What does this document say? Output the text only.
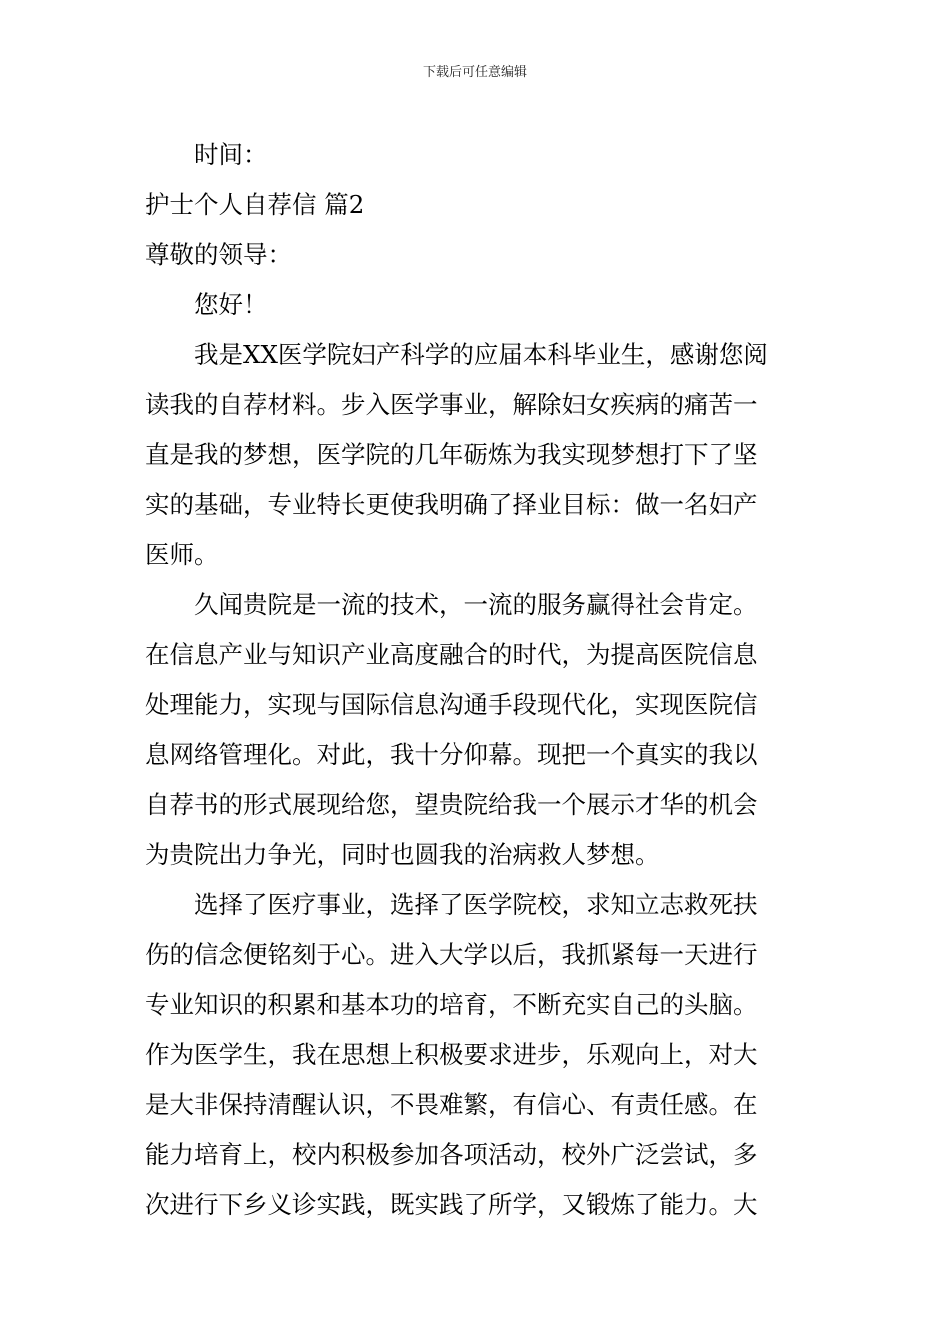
下载后可任意编辑
时间：
护士个人自荐信 篇2
尊敬的领导：
您好！
我是XX医学院妇产科学的应届本科毕业生，感谢您阅
读我的自荐材料。步入医学事业，解除妇女疾病的痛苦一
直是我的梦想，医学院的几年砺炼为我实现梦想打下了坚
实的基础，专业特长更使我明确了择业目标：做一名妇产
医师。
久闻贵院是一流的技术，一流的服务赢得社会肯定。
在信息产业与知识产业高度融合的时代，为提高医院信息
处理能力，实现与国际信息沟通手段现代化，实现医院信
息网络管理化。对此，我十分仰幕。现把一个真实的我以
自荐书的形式展现给您，望贵院给我一个展示才华的机会
为贵院出力争光，同时也圆我的治病救人梦想。
选择了医疗事业，选择了医学院校，求知立志救死扶
伤的信念便铭刻于心。进入大学以后，我抓紧每一天进行
专业知识的积累和基本功的培育，不断充实自己的头脑。
作为医学生，我在思想上积极要求进步，乐观向上，对大
是大非保持清醒认识，不畏难繁，有信心、有责任感。在
能力培育上，校内积极参加各项活动，校外广泛尝试，多
次进行下乡义诊实践，既实践了所学，又锻炼了能力。大
